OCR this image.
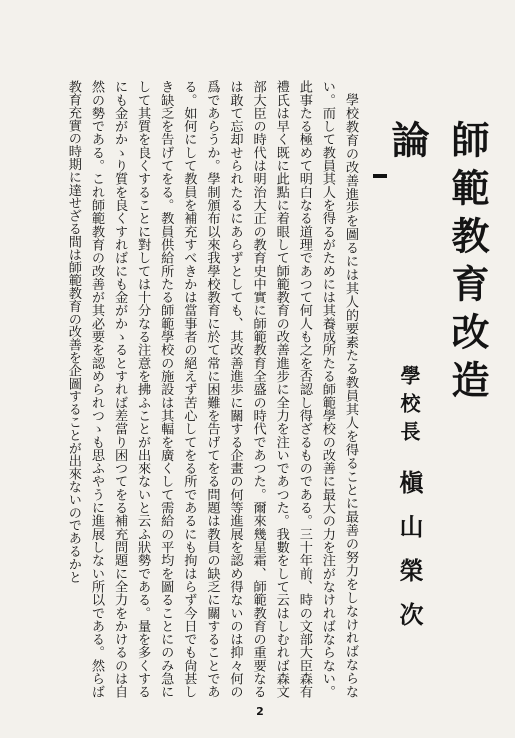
師範教育改造論
學校長
槇山榮次

學校教育の改善進歩を圖るには其人的要素たる教員其人を得ることに最善の努力をしなければならない。而して教員其人を得るがためには其養成所たる師範學校の改善に最大の力を注がなければならない。此事たる極めて明白なる道理であつて何人も之を否認し得ざるものである。三十年前、時の文部大臣森有禮氏は早く既に此點に着眼して師範教育の改善進步に全力を注いであつた。我數をして云はしむれば森文部大臣の時代は明治大正の教育史中實に師範教育全盛の時代であつた。爾來幾星霜、師範教育の重要なるは敢て忘却せられたるにあらずとしても、其改善進歩に關する企畫の何等進展を認め得ないのは抑々何の爲であらうか。學制頒布以來我學校教育に於て常に困難を告げてをる問題は教員の缺乏に關することである。如何にして教員を補充すべきかは當事者の絕えず苦心してをる所であるにも拘はらず今日でも尙甚しき缺乏を告げてをる。教員供給所たる師範學校の施設は其輻を廣くして需給の平均を圖ることにのみ急にして其質を良くすることに對しては十分なる注意を拂ふことが出來ないと云ふ狀勢である。量を多くするにも金がかゝり質を良くすればにも金がかゝるとすれば差當り困つてをる補充問題に全力をかけるのは自然の勢である。これ師範教育の改善が其必要を認められつゝも思ふやうに進展しない所以である。然らば教育充實の時期に達せざる間は師範教育の改善を企圖することが出來ないのであるかと

2
